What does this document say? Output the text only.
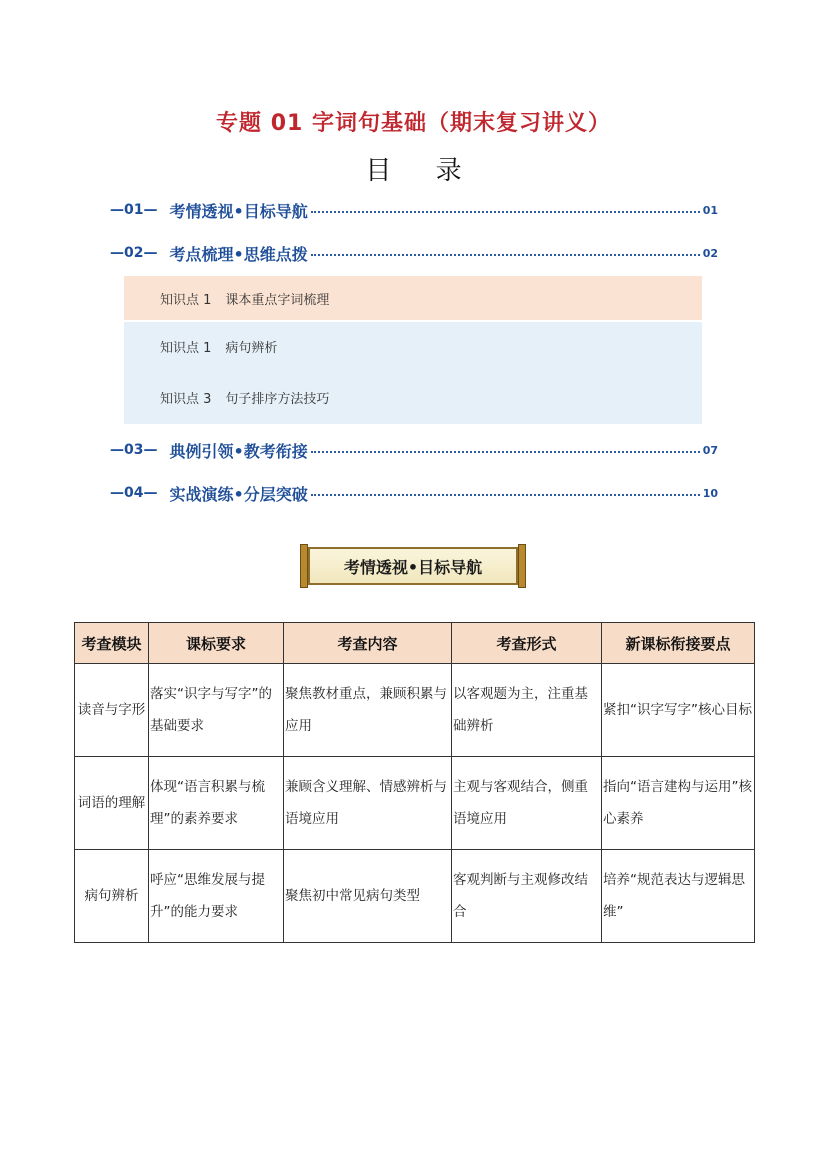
专题 01 字词句基础（期末复习讲义）
目 录
—01— 考情透视•目标导航	01
—02— 考点梳理•思维点拨	02
知识点 1 课本重点字词梳理
知识点 1 病句辨析
知识点 3 句子排序方法技巧
—03— 典例引领•教考衔接	07
—04— 实战演练•分层突破	10
考情透视•目标导航
考查模块	课标要求	考查内容	考查形式	新课标衔接要点
读音与字形	落实“识字与写字”的基础要求	聚焦教材重点，兼顾积累与应用	以客观题为主，注重基础辨析	紧扣“识字写字”核心目标
词语的理解	体现“语言积累与梳理”的素养要求	兼顾含义理解、情感辨析与语境应用	主观与客观结合，侧重语境应用	指向“语言建构与运用”核心素养
病句辨析	呼应“思维发展与提升”的能力要求	聚焦初中常见病句类型	客观判断与主观修改结合	培养“规范表达与逻辑思维”
